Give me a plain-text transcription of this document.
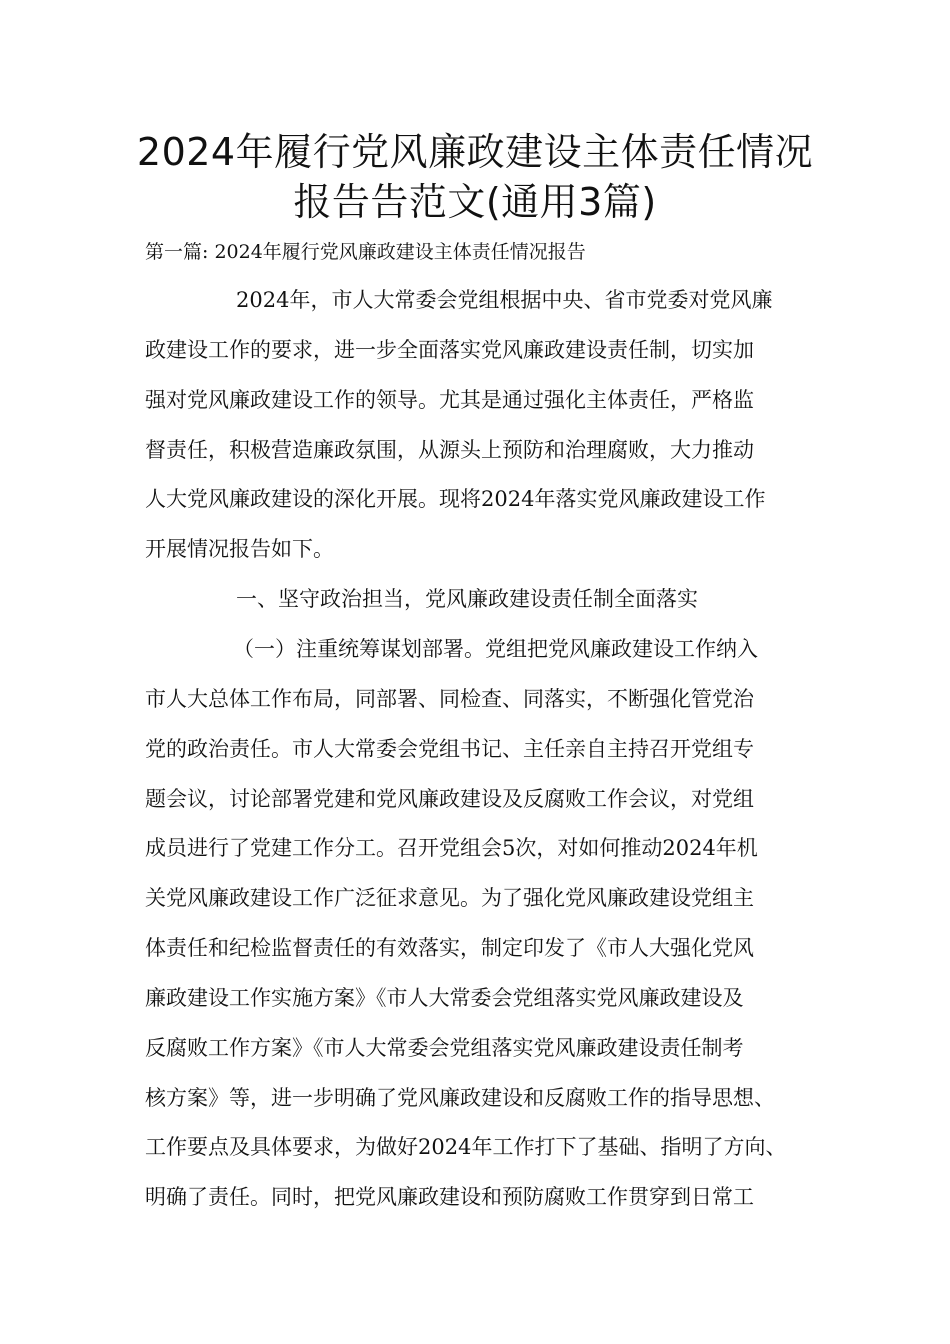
2024年履行党风廉政建设主体责任情况
报告告范文(通用3篇)
第一篇: 2024年履行党风廉政建设主体责任情况报告
2024年，市人大常委会党组根据中央、省市党委对党风廉
政建设工作的要求，进一步全面落实党风廉政建设责任制，切实加
强对党风廉政建设工作的领导。尤其是通过强化主体责任，严格监
督责任，积极营造廉政氛围，从源头上预防和治理腐败，大力推动
人大党风廉政建设的深化开展。现将2024年落实党风廉政建设工作
开展情况报告如下。
一、坚守政治担当，党风廉政建设责任制全面落实
（一）注重统筹谋划部署。党组把党风廉政建设工作纳入
市人大总体工作布局，同部署、同检查、同落实，不断强化管党治
党的政治责任。市人大常委会党组书记、主任亲自主持召开党组专
题会议，讨论部署党建和党风廉政建设及反腐败工作会议，对党组
成员进行了党建工作分工。召开党组会5次，对如何推动2024年机
关党风廉政建设工作广泛征求意见。为了强化党风廉政建设党组主
体责任和纪检监督责任的有效落实，制定印发了《市人大强化党风
廉政建设工作实施方案》《市人大常委会党组落实党风廉政建设及
反腐败工作方案》《市人大常委会党组落实党风廉政建设责任制考
核方案》等，进一步明确了党风廉政建设和反腐败工作的指导思想、
工作要点及具体要求，为做好2024年工作打下了基础、指明了方向、
明确了责任。同时，把党风廉政建设和预防腐败工作贯穿到日常工
